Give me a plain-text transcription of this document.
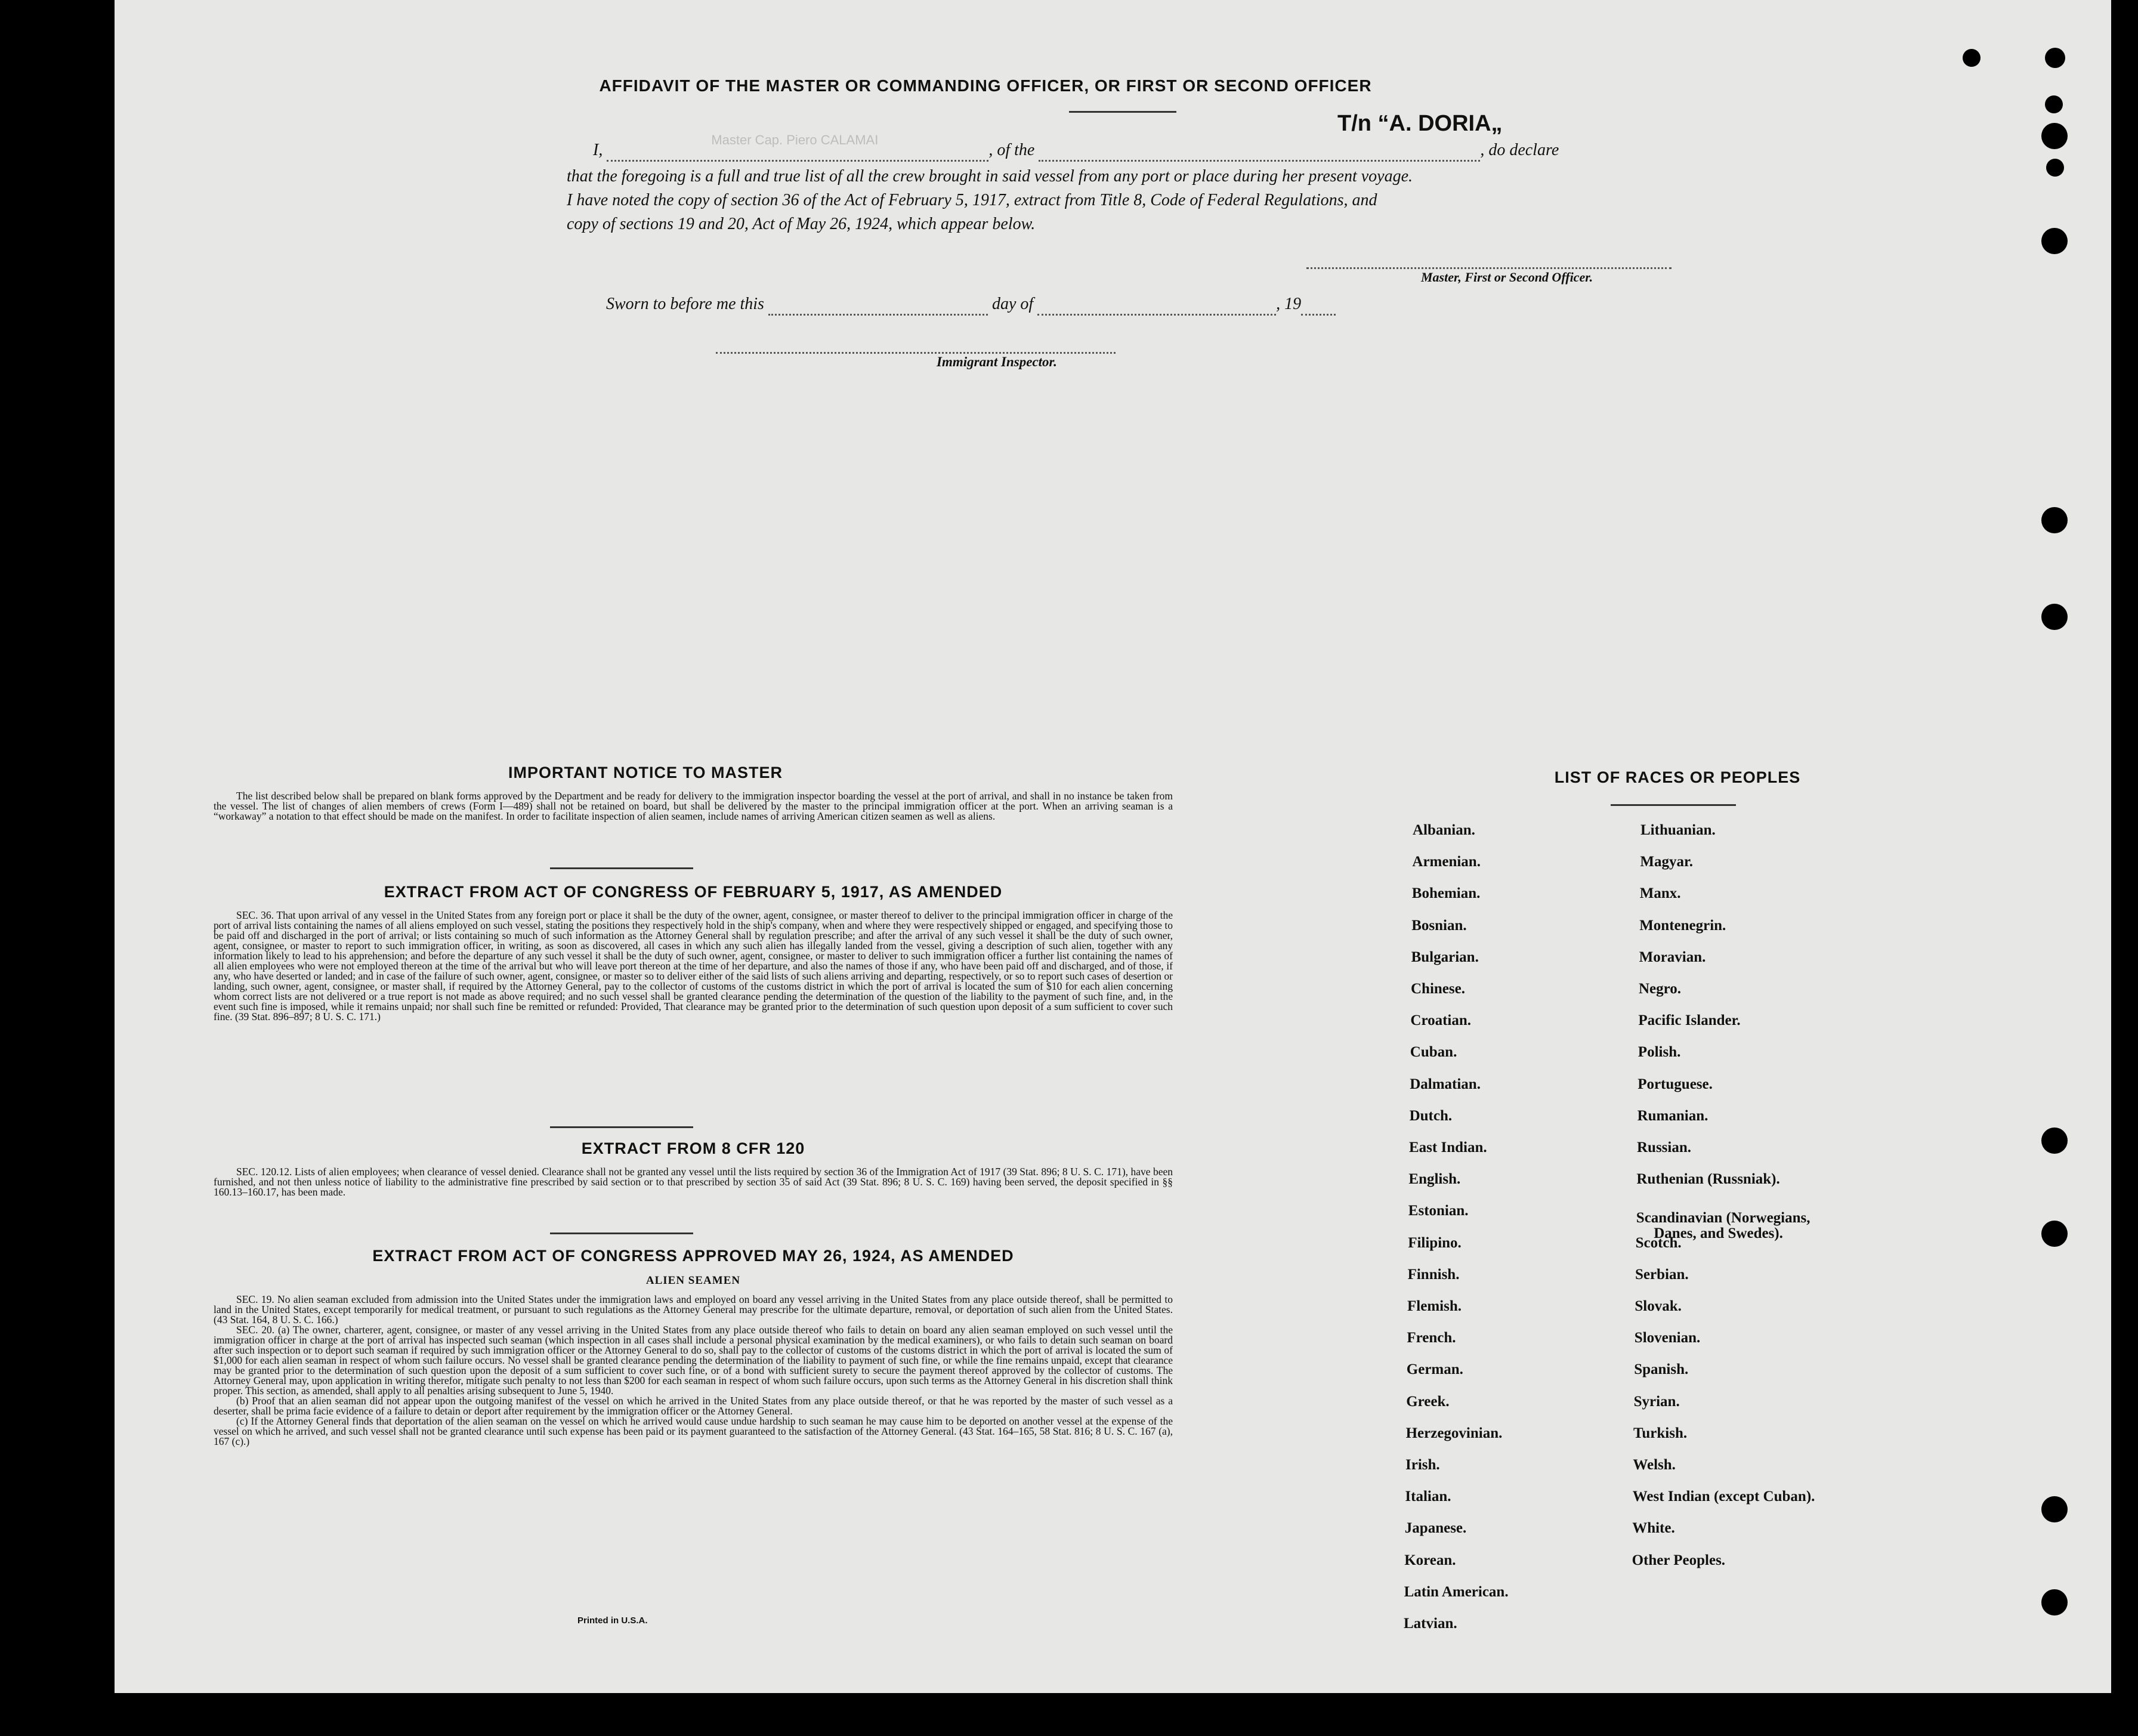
AFFIDAVIT OF THE MASTER OR COMMANDING OFFICER, OR FIRST OR SECOND OFFICER
T/n “A. DORIA„
I,
Master Cap. Piero CALAMAI
, of the	, do declare
that the foregoing is a full and true list of all the crew brought in said vessel from any port or place during her present voyage.
I have noted the copy of section 36 of the Act of February 5, 1917, extract from Title 8, Code of Federal Regulations, and
copy of sections 19 and 20, Act of May 26, 1924, which appear below.
Master, First or Second Officer.
Sworn to before me this	day of	, 19
Immigrant Inspector.
IMPORTANT NOTICE TO MASTER

The list described below shall be prepared on blank forms approved by the Department and be ready for delivery to the immigration inspector boarding the vessel at the port of arrival, and shall in no instance be taken from the vessel. The list of changes of alien members of crews (Form I—489) shall not be retained on board, but shall be delivered by the master to the principal immigration officer at the port. When an arriving seaman is a “workaway” a notation to that effect should be made on the manifest. In order to facilitate inspection of alien seamen, include names of arriving American citizen seamen as well as aliens.

EXTRACT FROM ACT OF CONGRESS OF FEBRUARY 5, 1917, AS AMENDED

SEC. 36. That upon arrival of any vessel in the United States from any foreign port or place it shall be the duty of the owner, agent, consignee, or master thereof to deliver to the principal immigration officer in charge of the port of arrival lists containing the names of all aliens employed on such vessel, stating the positions they respectively hold in the ship's company, when and where they were respectively shipped or engaged, and specifying those to be paid off and discharged in the port of arrival; or lists containing so much of such information as the Attorney General shall by regulation prescribe; and after the arrival of any such vessel it shall be the duty of such owner, agent, consignee, or master to report to such immigration officer, in writing, as soon as discovered, all cases in which any such alien has illegally landed from the vessel, giving a description of such alien, together with any information likely to lead to his apprehension; and before the departure of any such vessel it shall be the duty of such owner, agent, consignee, or master to deliver to such immigration officer a further list containing the names of all alien employees who were not employed thereon at the time of the arrival but who will leave port thereon at the time of her departure, and also the names of those if any, who have been paid off and discharged, and of those, if any, who have deserted or landed; and in case of the failure of such owner, agent, consignee, or master so to deliver either of the said lists of such aliens arriving and departing, respectively, or so to report such cases of desertion or landing, such owner, agent, consignee, or master shall, if required by the Attorney General, pay to the collector of customs of the customs district in which the port of arrival is located the sum of $10 for each alien concerning whom correct lists are not delivered or a true report is not made as above required; and no such vessel shall be granted clearance pending the determination of the question of the liability to the payment of such fine, and, in the event such fine is imposed, while it remains unpaid; nor shall such fine be remitted or refunded: Provided, That clearance may be granted prior to the determination of such question upon deposit of a sum sufficient to cover such fine. (39 Stat. 896–897; 8 U. S. C. 171.)

EXTRACT FROM 8 CFR 120

SEC. 120.12. Lists of alien employees; when clearance of vessel denied. Clearance shall not be granted any vessel until the lists required by section 36 of the Immigration Act of 1917 (39 Stat. 896; 8 U. S. C. 171), have been furnished, and not then unless notice of liability to the administrative fine prescribed by said section or to that prescribed by section 35 of said Act (39 Stat. 896; 8 U. S. C. 169) having been served, the deposit specified in §§ 160.13–160.17, has been made.

EXTRACT FROM ACT OF CONGRESS APPROVED MAY 26, 1924, AS AMENDED
ALIEN SEAMEN

SEC. 19. No alien seaman excluded from admission into the United States under the immigration laws and employed on board any vessel arriving in the United States from any place outside thereof, shall be permitted to land in the United States, except temporarily for medical treatment, or pursuant to such regulations as the Attorney General may prescribe for the ultimate departure, removal, or deportation of such alien from the United States. (43 Stat. 164, 8 U. S. C. 166.)

SEC. 20. (a) The owner, charterer, agent, consignee, or master of any vessel arriving in the United States from any place outside thereof who fails to detain on board any alien seaman employed on such vessel until the immigration officer in charge at the port of arrival has inspected such seaman (which inspection in all cases shall include a personal physical examination by the medical examiners), or who fails to detain such seaman on board after such inspection or to deport such seaman if required by such immigration officer or the Attorney General to do so, shall pay to the collector of customs of the customs district in which the port of arrival is located the sum of $1,000 for each alien seaman in respect of whom such failure occurs. No vessel shall be granted clearance pending the determination of the liability to payment of such fine, or while the fine remains unpaid, except that clearance may be granted prior to the determination of such question upon the deposit of a sum sufficient to cover such fine, or of a bond with sufficient surety to secure the payment thereof approved by the collector of customs. The Attorney General may, upon application in writing therefor, mitigate such penalty to not less than $200 for each seaman in respect of whom such failure occurs, upon such terms as the Attorney General in his discretion shall think proper. This section, as amended, shall apply to all penalties arising subsequent to June 5, 1940.

(b) Proof that an alien seaman did not appear upon the outgoing manifest of the vessel on which he arrived in the United States from any place outside thereof, or that he was reported by the master of such vessel as a deserter, shall be prima facie evidence of a failure to detain or deport after requirement by the immigration officer or the Attorney General.

(c) If the Attorney General finds that deportation of the alien seaman on the vessel on which he arrived would cause undue hardship to such seaman he may cause him to be deported on another vessel at the expense of the vessel on which he arrived, and such vessel shall not be granted clearance until such expense has been paid or its payment guaranteed to the satisfaction of the Attorney General. (43 Stat. 164–165, 58 Stat. 816; 8 U. S. C. 167 (a), 167 (c).)

Printed in U.S.A.
LIST OF RACES OR PEOPLES
Albanian.
Armenian.
Bohemian.
Bosnian.
Bulgarian.
Chinese.
Croatian.
Cuban.
Dalmatian.
Dutch.
East Indian.
English.
Estonian.
Filipino.
Finnish.
Flemish.
French.
German.
Greek.
Herzegovinian.
Irish.
Italian.
Japanese.
Korean.
Latin American.
Latvian.
Lithuanian.
Magyar.
Manx.
Montenegrin.
Moravian.
Negro.
Pacific Islander.
Polish.
Portuguese.
Rumanian.
Russian.
Ruthenian (Russniak).
Scandinavian (Norwegians,
Danes, and Swedes).
Scotch.
Serbian.
Slovak.
Slovenian.
Spanish.
Syrian.
Turkish.
Welsh.
West Indian (except Cuban).
White.
Other Peoples.
